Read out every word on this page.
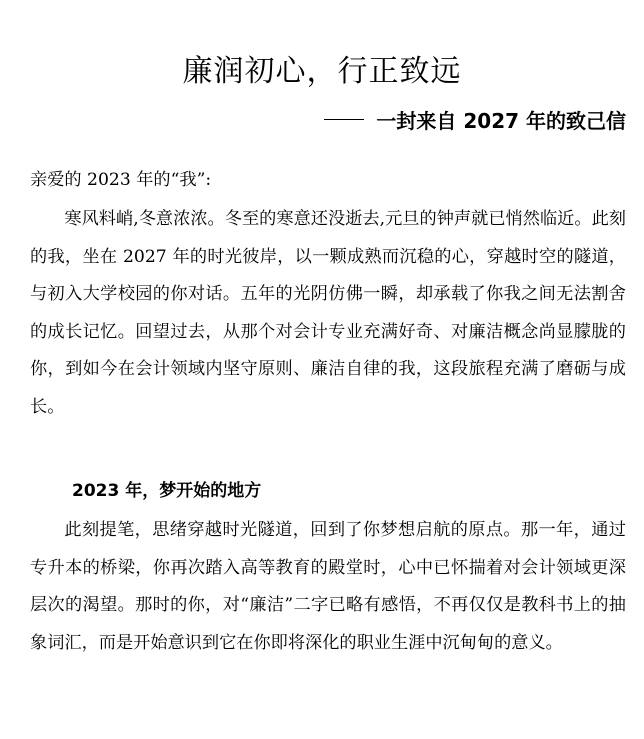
廉润初心，行正致远
一封来自 2027 年的致己信
亲爱的 2023 年的“我”:
寒风料峭,冬意浓浓。冬至的寒意还没逝去,元旦的钟声就已悄然临近。此刻的我，坐在 2027 年的时光彼岸，以一颗成熟而沉稳的心，穿越时空的隧道，与初入大学校园的你对话。五年的光阴仿佛一瞬，却承载了你我之间无法割舍的成长记忆。回望过去，从那个对会计专业充满好奇、对廉洁概念尚显朦胧的你，到如今在会计领域内坚守原则、廉洁自律的我，这段旅程充满了磨砺与成长。
2023 年，梦开始的地方
此刻提笔，思绪穿越时光隧道，回到了你梦想启航的原点。那一年，通过专升本的桥梁，你再次踏入高等教育的殿堂时，心中已怀揣着对会计领域更深层次的渴望。那时的你，对“廉洁”二字已略有感悟，不再仅仅是教科书上的抽象词汇，而是开始意识到它在你即将深化的职业生涯中沉甸甸的意义。
